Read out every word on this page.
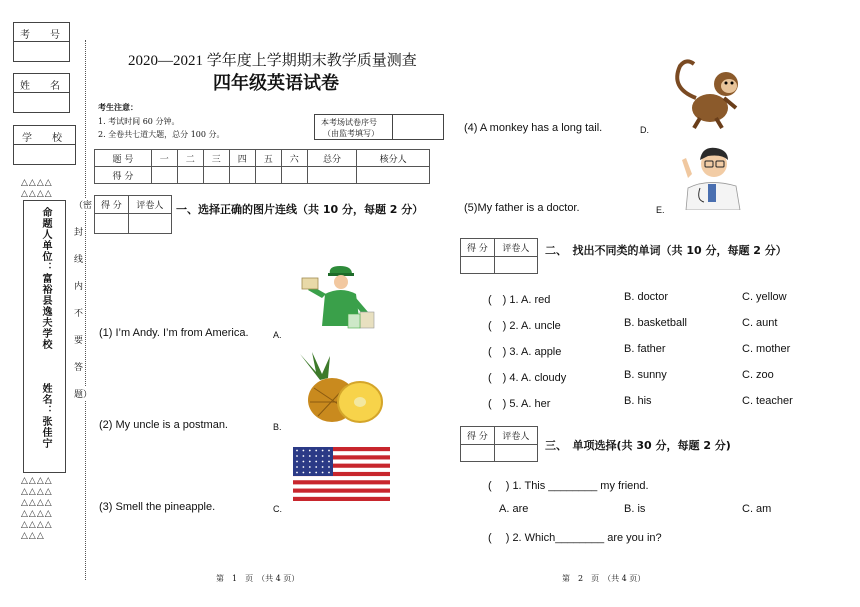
考　　号
姓　　名
学　　校
△△△△
△△△△
命题人单位：富裕县逸夫学校　　　姓名：张佳宁
△△△△
△△△△
△△△△
△△△△
△△△△
△△△
（密
封
线
内
不
要
答
题）
2020—2021 学年度上学期期末教学质量测查
四年级英语试卷
考生注意：
1. 考试时间 60 分钟。
2. 全卷共七道大题，总分 100 分。
本考场试卷序号
（由监考填写）
题 号	一	二	三	四	五	六	总分	核分人
得 分								
得 分	评卷人
	一、选择正确的图片连线（共 10 分，每题 2 分）
(1) I’m Andy. I’m from America.	A.
(2) My uncle is a postman.	B.
(3) Smell the pineapple.	C.
(4) A monkey has a long tail.	D.
(5)My father is a doctor.	E.
得 分	评卷人
	二、　找出不同类的单词（共 10 分，每题 2 分）
(　) 1. A. red	B. doctor	C. yellow
(　) 2. A. uncle	B. basketball	C. aunt
(　) 3. A. apple	B. father	C. mother
(　) 4. A. cloudy	B. sunny	C. zoo
(　) 5. A. her	B. his	C. teacher
得 分	评卷人

三、　单项选择(共 30 分，每题 2 分)
(　 ) 1. This ________ my friend.
A. are	B. is	C. am
(　 ) 2. Which________ are you in?
第　1　页　（共 4 页）	第　2　页　（共 4 页）
